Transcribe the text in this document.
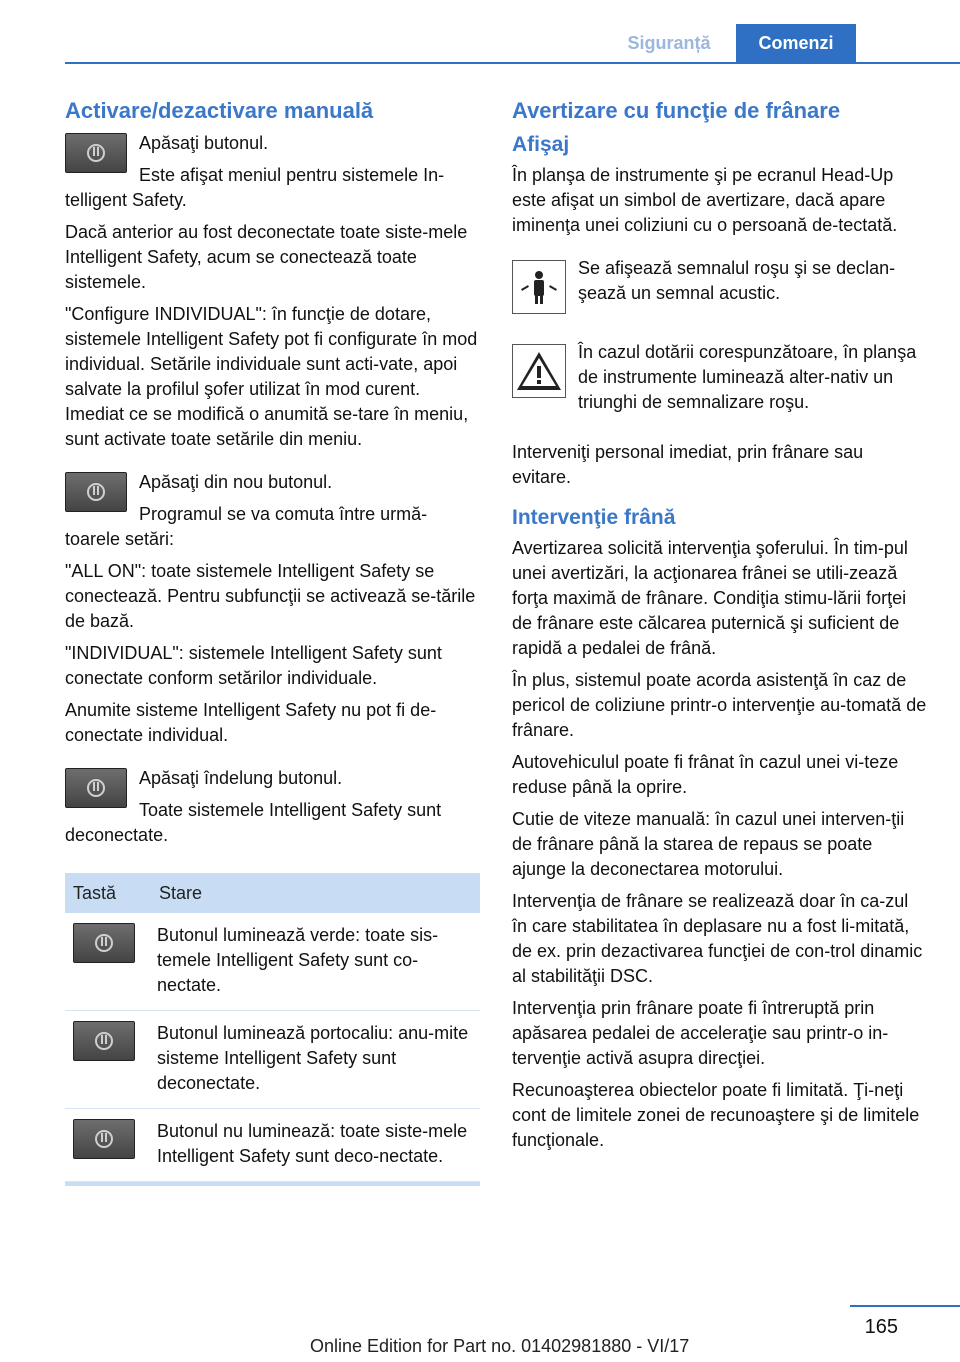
Siguranță	Comenzi
Activare/dezactivare manuală

Apăsaţi butonul.

Este afişat meniul pentru sistemele In‐telligent Safety.

Dacă anterior au fost deconectate toate siste‐mele Intelligent Safety, acum se conectează toate sistemele.

"Configure INDIVIDUAL": în funcţie de dotare, sistemele Intelligent Safety pot fi configurate în mod individual. Setările individuale sunt acti‐vate, apoi salvate la profilul şofer utilizat în mod curent. Imediat ce se modifică o anumită se‐tare în meniu, sunt activate toate setările din meniu.

Apăsaţi din nou butonul.

Programul se va comuta între urmă‐toarele setări:

"ALL ON": toate sistemele Intelligent Safety se conectează. Pentru subfuncţii se activează se‐tările de bază.

"INDIVIDUAL": sistemele Intelligent Safety sunt conectate conform setărilor individuale.

Anumite sisteme Intelligent Safety nu pot fi de‐conectate individual.

Apăsaţi îndelung butonul.

Toate sistemele Intelligent Safety sunt deconectate.

Tastă	Stare

	Butonul luminează verde: toate sis‐temele Intelligent Safety sunt co‐nectate.

	Butonul luminează portocaliu: anu‐mite sisteme Intelligent Safety sunt deconectate.

	Butonul nu luminează: toate siste‐mele Intelligent Safety sunt deco‐nectate.
Avertizare cu funcţie de frânare
Afişaj

În planşa de instrumente şi pe ecranul Head-Up este afişat un simbol de avertizare, dacă apare iminenţa unei coliziuni cu o persoană de‐tectată.

Se afişează semnalul roşu şi se declan‐şează un semnal acustic.

În cazul dotării corespunzătoare, în planşa de instrumente luminează alter‐nativ un triunghi de semnalizare roşu.

Interveniţi personal imediat, prin frânare sau evitare.

Intervenţie frână

Avertizarea solicită intervenţia şoferului. În tim‐pul unei avertizări, la acţionarea frânei se utili‐zează forţa maximă de frânare. Condiţia stimu‐lării forţei de frânare este călcarea puternică şi suficient de rapidă a pedalei de frână.

În plus, sistemul poate acorda asistenţă în caz de pericol de coliziune printr-o intervenţie au‐tomată de frânare.

Autovehiculul poate fi frânat în cazul unei vi‐teze reduse până la oprire.

Cutie de viteze manuală: în cazul unei interven‐ţii de frânare până la starea de repaus se poate ajunge la deconectarea motorului.

Intervenţia de frânare se realizează doar în ca‐zul în care stabilitatea în deplasare nu a fost li‐mitată, de ex. prin dezactivarea funcţiei de con‐trol dinamic al stabilităţii DSC.

Intervenţia prin frânare poate fi întreruptă prin apăsarea pedalei de acceleraţie sau printr-o in‐tervenţie activă asupra direcţiei.

Recunoaşterea obiectelor poate fi limitată. Ţi‐neţi cont de limitele zonei de recunoaştere şi de limitele funcţionale.

165
Online Edition for Part no. 01402981880 - VI/17
